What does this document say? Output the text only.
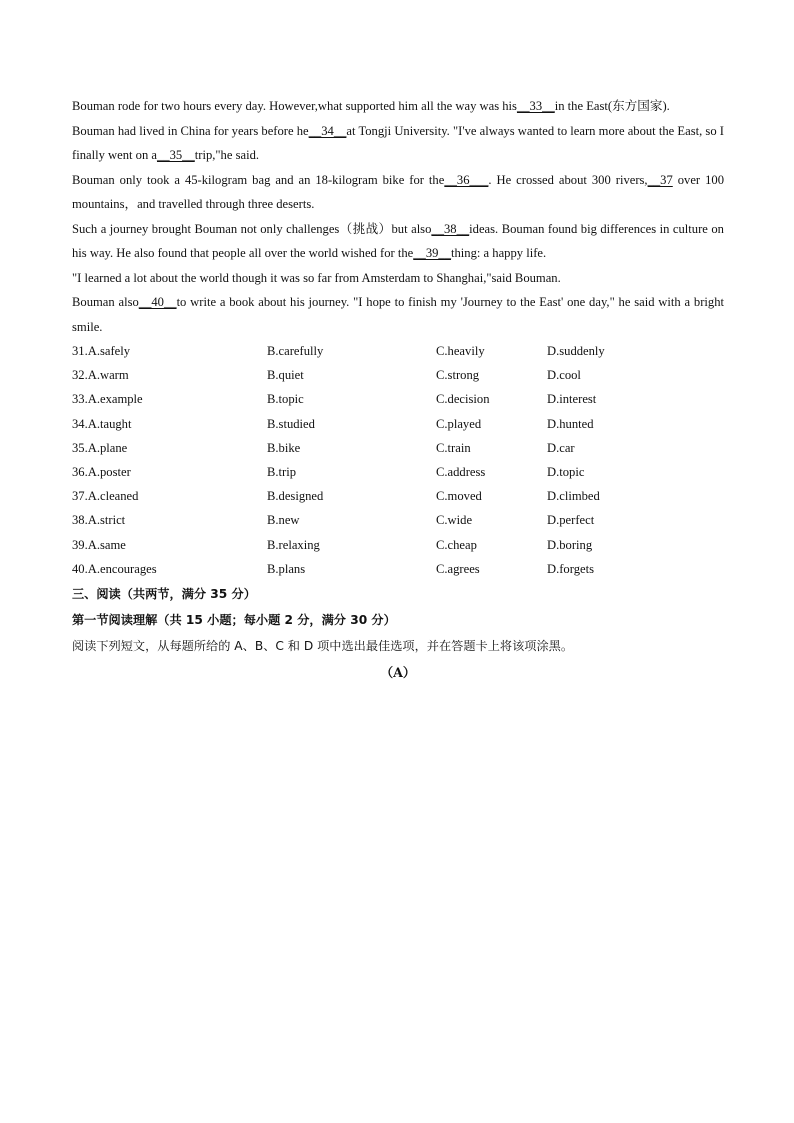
Bouman rode for two hours every day. However,what supported him all the way was his__33__in the East(东方国家).

Bouman had lived in China for years before he__34__at Tongji University. "I've always wanted to learn more about the East, so I finally went on a__35__trip,"he said.

Bouman only took a 45-kilogram bag and an 18-kilogram bike for the__36___. He crossed about 300 rivers,__37 over 100 mountains，and travelled through three deserts.

Such a journey brought Bouman not only challenges（挑战）but also__38__ideas. Bouman found big differences in culture on his way. He also found that people all over the world wished for the__39__thing: a happy life.

"I learned a lot about the world though it was so far from Amsterdam to Shanghai,"said Bouman.

Bouman also__40__to write a book about his journey. "I hope to finish my 'Journey to the East' one day," he said with a bright smile.

31.A.safely	B.carefully	C.heavily	D.suddenly
32.A.warm	B.quiet	C.strong	D.cool
33.A.example	B.topic	C.decision	D.interest
34.A.taught	B.studied	C.played	D.hunted
35.A.plane	B.bike	C.train	D.car
36.A.poster	B.trip	C.address	D.topic
37.A.cleaned	B.designed	C.moved	D.climbed
38.A.strict	B.new	C.wide	D.perfect
39.A.same	B.relaxing	C.cheap	D.boring
40.A.encourages	B.plans	C.agrees	D.forgets

三、阅读（共两节，满分 35 分）

第一节阅读理解（共 15 小题；每小题 2 分，满分 30 分）

阅读下列短文，从每题所给的 A、B、C 和 D 项中选出最佳选项，并在答题卡上将该项涂黑。

（A）
